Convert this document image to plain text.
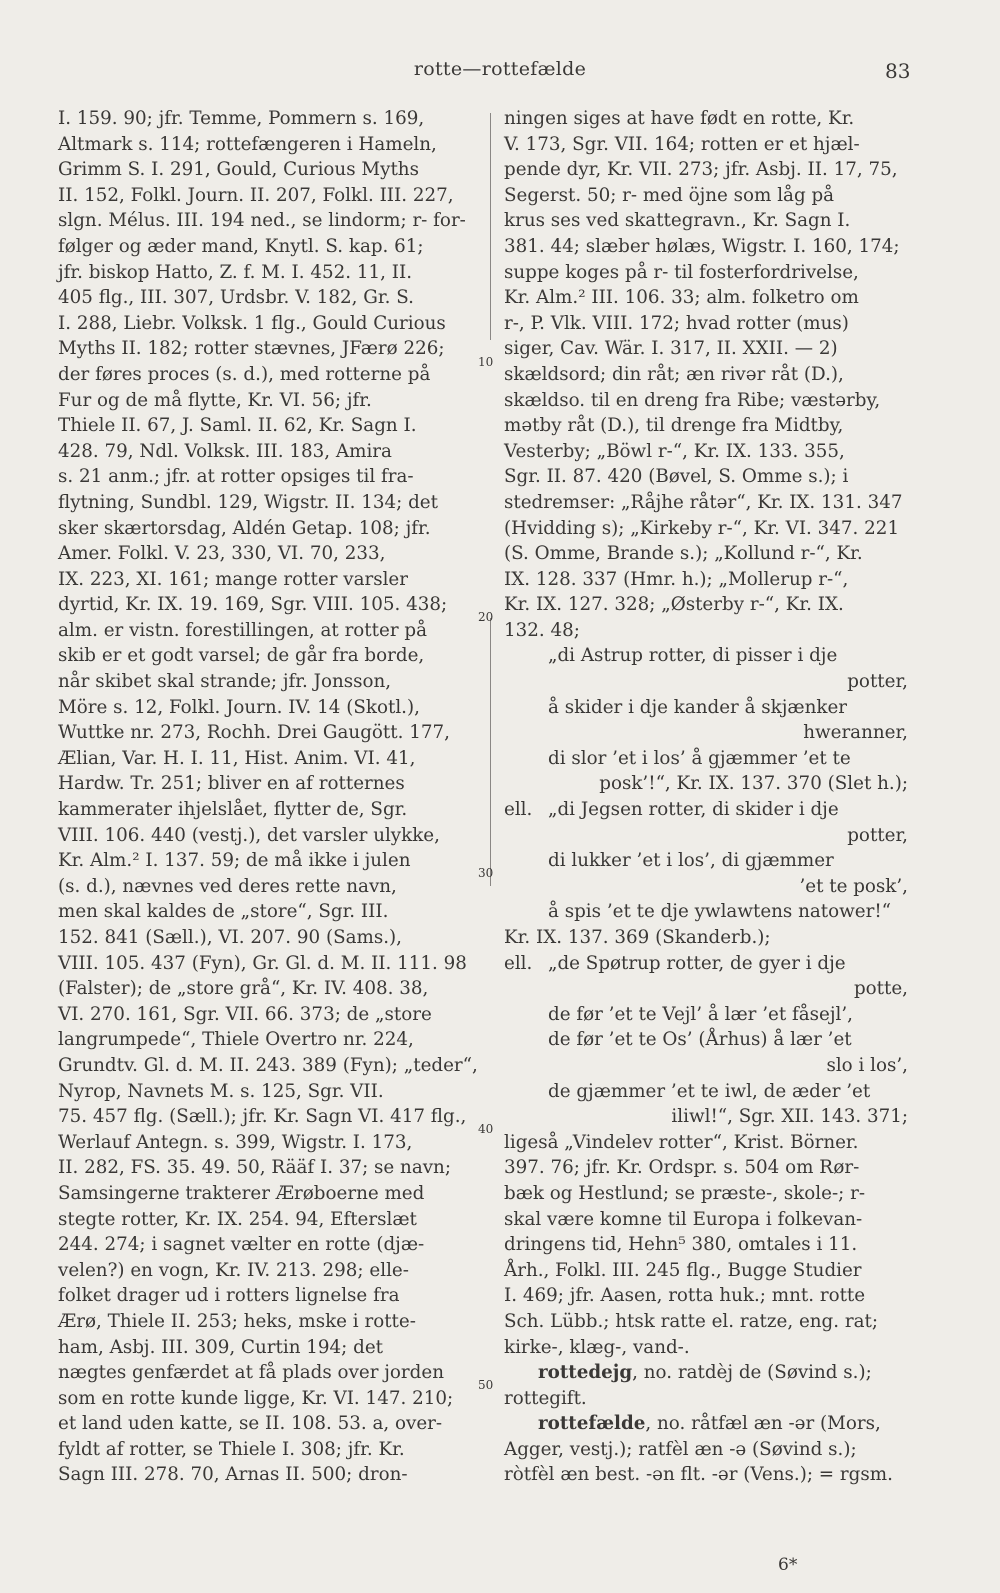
rotte—rottefælde	83
I. 159. 90; jfr. Temme, Pommern s. 169,
Altmark s. 114; rottefængeren i Hameln,
Grimm S. I. 291, Gould, Curious Myths
II. 152, Folkl. Journ. II. 207, Folkl. III. 227,
slgn. Mélus. III. 194 ned., se lindorm; r- for-
følger og æder mand, Knytl. S. kap. 61;
jfr. biskop Hatto, Z. f. M. I. 452. 11, II.
405 flg., III. 307, Urdsbr. V. 182, Gr. S.
I. 288, Liebr. Volksk. 1 flg., Gould Curious
Myths II. 182; rotter stævnes, JFærø 226;
der føres proces (s. d.), med rotterne på
Fur og de må flytte, Kr. VI. 56; jfr.
Thiele II. 67, J. Saml. II. 62, Kr. Sagn I.
428. 79, Ndl. Volksk. III. 183, Amira
s. 21 anm.; jfr. at rotter opsiges til fra-
flytning, Sundbl. 129, Wigstr. II. 134; det
sker skærtorsdag, Aldén Getap. 108; jfr.
Amer. Folkl. V. 23, 330, VI. 70, 233,
IX. 223, XI. 161; mange rotter varsler
dyrtid, Kr. IX. 19. 169, Sgr. VIII. 105. 438;
alm. er vistn. forestillingen, at rotter på
skib er et godt varsel; de går fra borde,
når skibet skal strande; jfr. Jonsson,
Möre s. 12, Folkl. Journ. IV. 14 (Skotl.),
Wuttke nr. 273, Rochh. Drei Gaugött. 177,
Ælian, Var. H. I. 11, Hist. Anim. VI. 41,
Hardw. Tr. 251; bliver en af rotternes
kammerater ihjelslået, flytter de, Sgr.
VIII. 106. 440 (vestj.), det varsler ulykke,
Kr. Alm.² I. 137. 59; de må ikke i julen
(s. d.), nævnes ved deres rette navn,
men skal kaldes de „store“, Sgr. III.
152. 841 (Sæll.), VI. 207. 90 (Sams.),
VIII. 105. 437 (Fyn), Gr. Gl. d. M. II. 111. 98
(Falster); de „store grå“, Kr. IV. 408. 38,
VI. 270. 161, Sgr. VII. 66. 373; de „store
langrumpede“, Thiele Overtro nr. 224,
Grundtv. Gl. d. M. II. 243. 389 (Fyn); „teder“,
Nyrop, Navnets M. s. 125, Sgr. VII.
75. 457 flg. (Sæll.); jfr. Kr. Sagn VI. 417 flg.,
Werlauf Antegn. s. 399, Wigstr. I. 173,
II. 282, FS. 35. 49. 50, Rääf I. 37; se navn;
Samsingerne trakterer Ærøboerne med
stegte rotter, Kr. IX. 254. 94, Efterslæt
244. 274; i sagnet vælter en rotte (djæ-
velen?) en vogn, Kr. IV. 213. 298; elle-
folket drager ud i rotters lignelse fra
Ærø, Thiele II. 253; heks, mske i rotte-
ham, Asbj. III. 309, Curtin 194; det
nægtes genfærdet at få plads over jorden
som en rotte kunde ligge, Kr. VI. 147. 210;
et land uden katte, se II. 108. 53. a, over-
fyldt af rotter, se Thiele I. 308; jfr. Kr.
Sagn III. 278. 70, Arnas II. 500; dron-
10
20
30
40
50
ningen siges at have født en rotte, Kr.
V. 173, Sgr. VII. 164; rotten er et hjæl-
pende dyr, Kr. VII. 273; jfr. Asbj. II. 17, 75,
Segerst. 50; r- med öjne som låg på
krus ses ved skattegravn., Kr. Sagn I.
381. 44; slæber hølæs, Wigstr. I. 160, 174;
suppe koges på r- til fosterfordrivelse,
Kr. Alm.² III. 106. 33; alm. folketro om
r-, P. Vlk. VIII. 172; hvad rotter (mus)
siger, Cav. Wär. I. 317, II. XXII. — 2)
skældsord; din råt; æn rivər råt (D.),
skældso. til en dreng fra Ribe; væstərby,
mətby råt (D.), til drenge fra Midtby,
Vesterby; „Böwl r-“, Kr. IX. 133. 355,
Sgr. II. 87. 420 (Bøvel, S. Omme s.); i
stedremser: „Råjhe råtər“, Kr. IX. 131. 347
(Hvidding s); „Kirkeby r-“, Kr. VI. 347. 221
(S. Omme, Brande s.); „Kollund r-“, Kr.
IX. 128. 337 (Hmr. h.); „Mollerup r-“,
Kr. IX. 127. 328; „Østerby r-“, Kr. IX.
132. 48;
„di Astrup rotter, di pisser i dje
potter,
å skider i dje kander å skjænker
hweranner,
di slor ’et i los’ å gjæmmer ’et te
posk’!“, Kr. IX. 137. 370 (Slet h.);
ell. „di Jegsen rotter, di skider i dje
potter,
di lukker ’et i los’, di gjæmmer
’et te posk’,
å spis ’et te dje ywlawtens natower!“
Kr. IX. 137. 369 (Skanderb.);
ell. „de Spøtrup rotter, de gyer i dje
potte,
de før ’et te Vejl’ å lær ’et fåsejl’,
de før ’et te Os’ (Århus) å lær ’et
slo i los’,
de gjæmmer ’et te iwl, de æder ’et
iliwl!“, Sgr. XII. 143. 371;
ligeså „Vindelev rotter“, Krist. Börner.
397. 76; jfr. Kr. Ordspr. s. 504 om Rør-
bæk og Hestlund; se præste-, skole-; r-
skal være komne til Europa i folkevan-
dringens tid, Hehn⁵ 380, omtales i 11.
Årh., Folkl. III. 245 flg., Bugge Studier
I. 469; jfr. Aasen, rotta huk.; mnt. rotte
Sch. Lübb.; htsk ratte el. ratze, eng. rat;
kirke-, klæg-, vand-.
rottedejg, no. ratdèj de (Søvind s.);
rottegift.
rottefælde, no. råtfæl æn -ər (Mors,
Agger, vestj.); ratfèl æn -ə (Søvind s.);
ròtfèl æn best. -ən flt. -ər (Vens.); = rgsm.
6*
